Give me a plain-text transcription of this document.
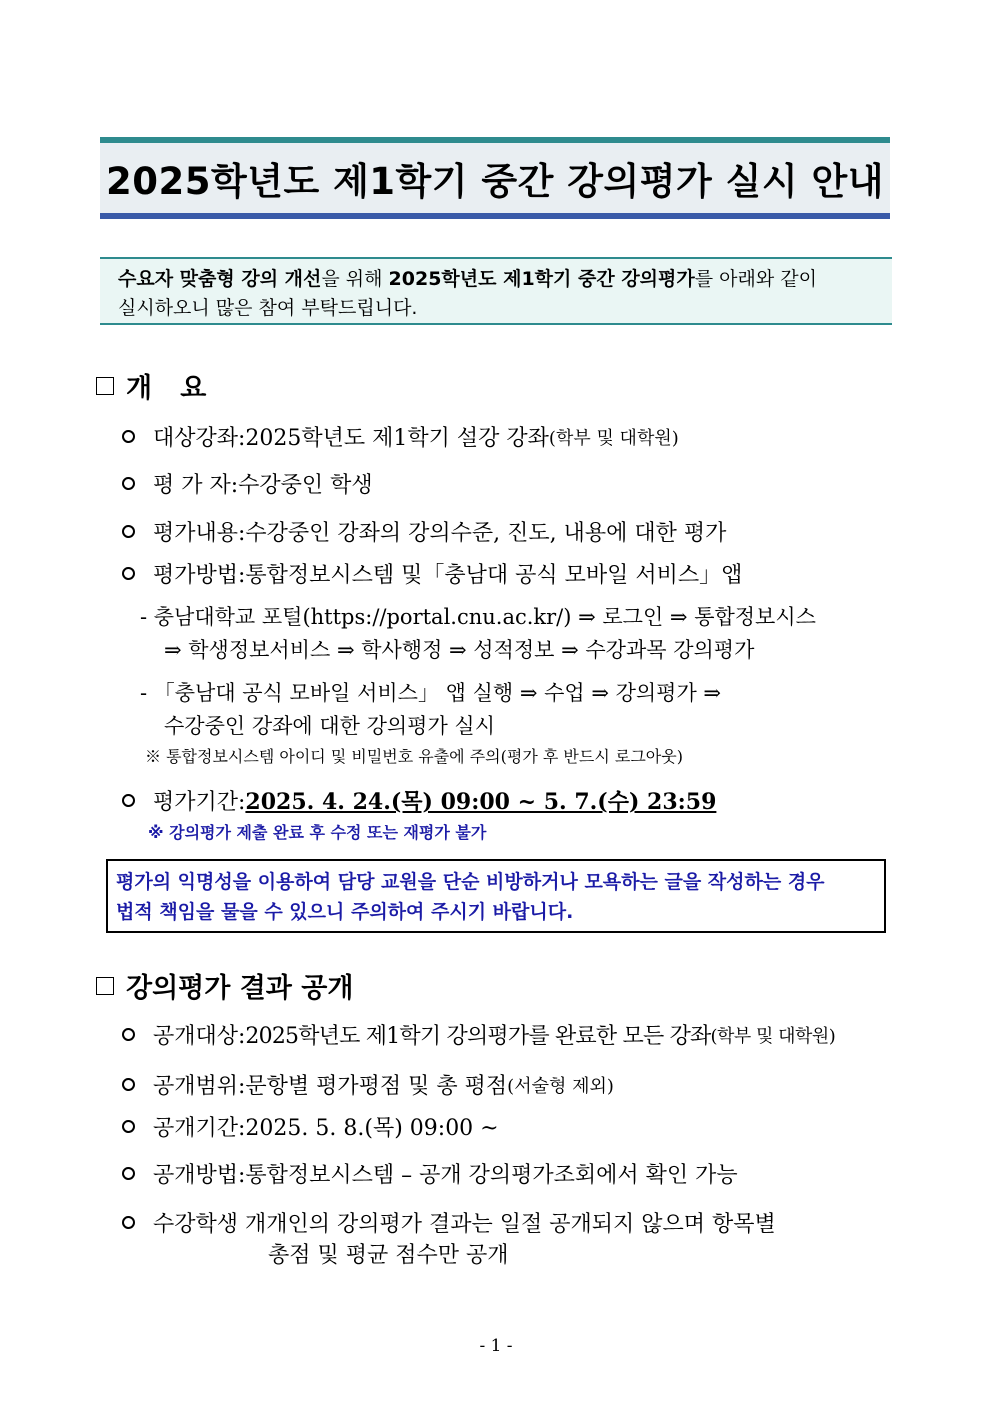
2025학년도 제1학기 중간 강의평가 실시 안내
수요자 맞춤형 강의 개선을 위해 2025학년도 제1학기 중간 강의평가를 아래와 같이
실시하오니 많은 참여 부탁드립니다.
개   요
대상강좌: 2025학년도 제1학기 설강 강좌 (학부 및 대학원)
평 가 자: 수강중인 학생
평가내용: 수강중인 강좌의 강의수준, 진도, 내용에 대한 평가
평가방법: 통합정보시스템 및「충남대 공식 모바일 서비스」앱
- 충남대학교 포털(https://portal.cnu.ac.kr/) ⇒ 로그인 ⇒ 통합정보시스
⇒ 학생정보서비스 ⇒ 학사행정 ⇒ 성적정보 ⇒ 수강과목 강의평가
- 「충남대 공식 모바일 서비스」 앱 실행 ⇒ 수업 ⇒ 강의평가 ⇒
수강중인 강좌에 대한 강의평가 실시
※ 통합정보시스템 아이디 및 비밀번호 유출에 주의(평가 후 반드시 로그아웃)
평가기간: 2025. 4. 24.(목) 09:00 ~ 5. 7.(수) 23:59
※ 강의평가 제출 완료 후 수정 또는 재평가 불가
평가의 익명성을 이용하여 담당 교원을 단순 비방하거나 모욕하는 글을 작성하는 경우
법적 책임을 물을 수 있으니 주의하여 주시기 바랍니다.
강의평가 결과 공개
공개대상: 2025학년도 제1학기 강의평가를 완료한 모든 강좌 (학부 및 대학원)
공개범위: 문항별 평가평점 및 총 평점 (서술형 제외)
공개기간: 2025. 5. 8.(목) 09:00 ~
공개방법: 통합정보시스템 – 공개 강의평가조회에서 확인 가능
수강학생 개개인의 강의평가 결과는 일절 공개되지 않으며 항목별
총점 및 평균 점수만 공개
- 1 -
